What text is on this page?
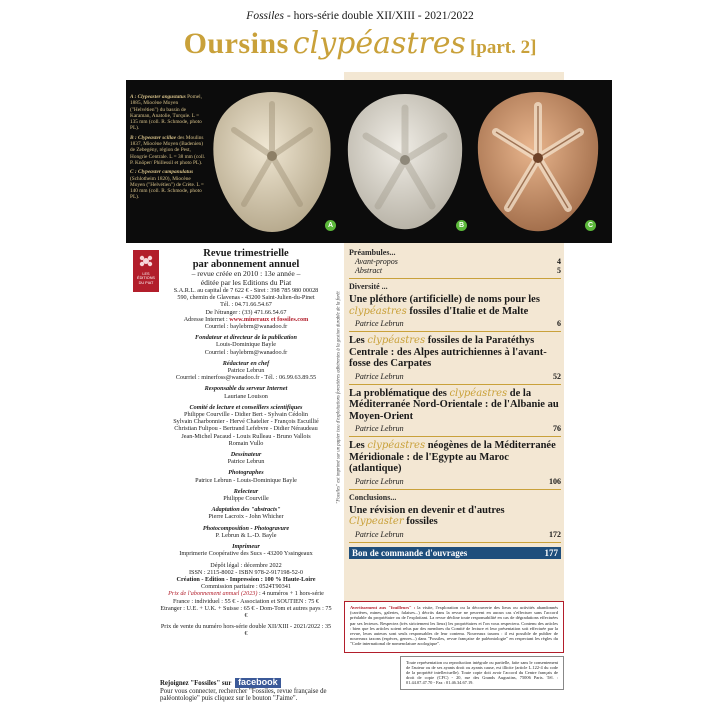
Fossiles - hors-série double XII/XIII - 2021/2022
Oursins clypéastres [part. 2]

A : Clypeaster angustatus Pomel, 1885, Miocène Moyen ("Helvétien") du bassin de Karaman, Anatolie, Turquie. L = 135 mm (coll. R. Schmode, photo PL).

B : Clypeaster scillae des Moulins 1837, Miocène Moyen (Badenien) de Zebegény, région de Pest, Hongrie Centrale. L = 38 mm (coll. P. Knöper/ Phillessil et photo PL).

C : Clypeaster campanulatus (Schlotheim 1820), Miocène Moyen ("Helvétien") de Crète. L = 140 mm (coll. R. Schmode, photo PL).

A	B	C
"Fossiles" est imprimé sur un papier issu d'exploitations forestières adhérentes à la gestion durable de la forêt
LES ÉDITIONS DU PIAT
Revue trimestrielle
par abonnement annuel
– revue créée en 2010 : 13e année –
éditée par les Editions du Piat
S.A.R.L. au capital de 7 622 € - Siret : 398 785 980 00028
590, chemin de Glavenas - 43200 Saint-Julien-du-Pinet
Tél. : 04.71.66.54.67
De l'étranger : (33) 471.66.54.67
Adresse Internet : www.mineraux et fossiles.com
Courriel : baylebrm@wanadoo.fr
Fondateur et directeur de la publication
Louis-Dominique Bayle
Courriel : baylebrm@wanadoo.fr
Rédacteur en chef
Patrice Lebrun
Courriel : minerfoss@wanadoo.fr - Tél. : 06.99.63.89.55
Responsable du serveur Internet
Lauriane Louison
Comité de lecture et conseillers scientifiques
Philippe Courville - Didier Bert - Sylvain Cédolin
Sylvain Charbonnier - Hervé Chatelier - François Escuillié
Christian Fulipou - Bertrand Lefebvre - Didier Néraudeau
Jean-Michel Pacaud - Louis Rulleau - Bruno Vallois
Romain Vullo
Dessinateur
Patrice Lebrun
Photographes
Patrice Lebrun - Louis-Dominique Bayle
Relecteur
Philippe Courville
Adaptation des "abstracts"
Pierre Lacroix - John Whicher
Photocomposition - Photogravure
P. Lebrun & L.-D. Bayle
Imprimeur
Imprimerie Coopérative des Sucs - 43200 Yssingeaux
Dépôt légal : décembre 2022
ISSN : 2115-8002 - ISBN 978-2-917198-52-0
Création - Edition - Impression : 100 % Haute-Loire
Commission paritaire : 0524T90341
Prix de l'abonnement annuel (2023) : 4 numéros + 1 hors-série
France : individuel : 55 € - Association et SOUTIEN : 75 €
Etranger : U.E. + U.K. + Suisse : 65 € - Dom-Tom et autres pays : 75 €
Prix de vente du numéro hors-série double XII/XIII - 2021/2022 : 35 €
Rejoignez "Fossiles" sur facebook
Pour vous connecter, rechercher "Fossiles, revue française de paléontologie" puis cliquez sur le bouton "J'aime".
Préambules...
Avant-propos	4
Abstract	5
Diversité ...
Une pléthore (artificielle) de noms pour les clypéastres fossiles d'Italie et de Malte
Patrice Lebrun	6
Les clypéastres fossiles de la Paratéthys Centrale : des Alpes autrichiennes à l'avant-fosse des Carpates
Patrice Lebrun	52
La problématique des clypéastres de la Méditerranée Nord-Orientale : de l'Albanie au Moyen-Orient
Patrice Lebrun	76
Les clypéastres néogènes de la Méditerranée Méridionale : de l'Egypte au Maroc (atlantique)
Patrice Lebrun	106
Conclusions...
Une révision en devenir et d'autres Clypeaster fossiles
Patrice Lebrun	172
Bon de commande d'ouvrages	177
Avertissement aux "fouilleurs" : la visite, l'exploration ou la découverte des lieux ou activités abandonnés (carrières, mines, galeries, falaises...) décrits dans la revue ne peuvent en aucun cas s'effectuer sans l'accord préalable du propriétaire ou de l'exploitant. La revue décline toute responsabilité en cas de dégradations effectuées par ses lecteurs. Respectez (très strictement les lieux) les propriétaires et l'on vous respectera. Contenu des articles : bien que les articles soient relus par des membres du Comité de lecture et leur présentation soit effectuée par la revue, leurs auteurs sont seuls responsables de leur contenu. Nouveaux taxons : il est possible de publier de nouveaux taxons (espèces, genres...) dans "Fossiles, revue française de paléontologie" en respectant les règles du "Code international de nomenclature zoologique".
Toute représentation ou reproduction intégrale ou partielle, faite sans le consentement de l'auteur ou de ses ayants droit ou ayants cause, est illicite (article L.122-4 du code de la propriété intellectuelle). Toute copie doit avoir l'accord du Centre français de droit de copie (CFC) - 20, rue des Grands Augustins, 75006 Paris. Tél. : 01.44.07.47.70 - Fax : 01.46.34.67.19.
